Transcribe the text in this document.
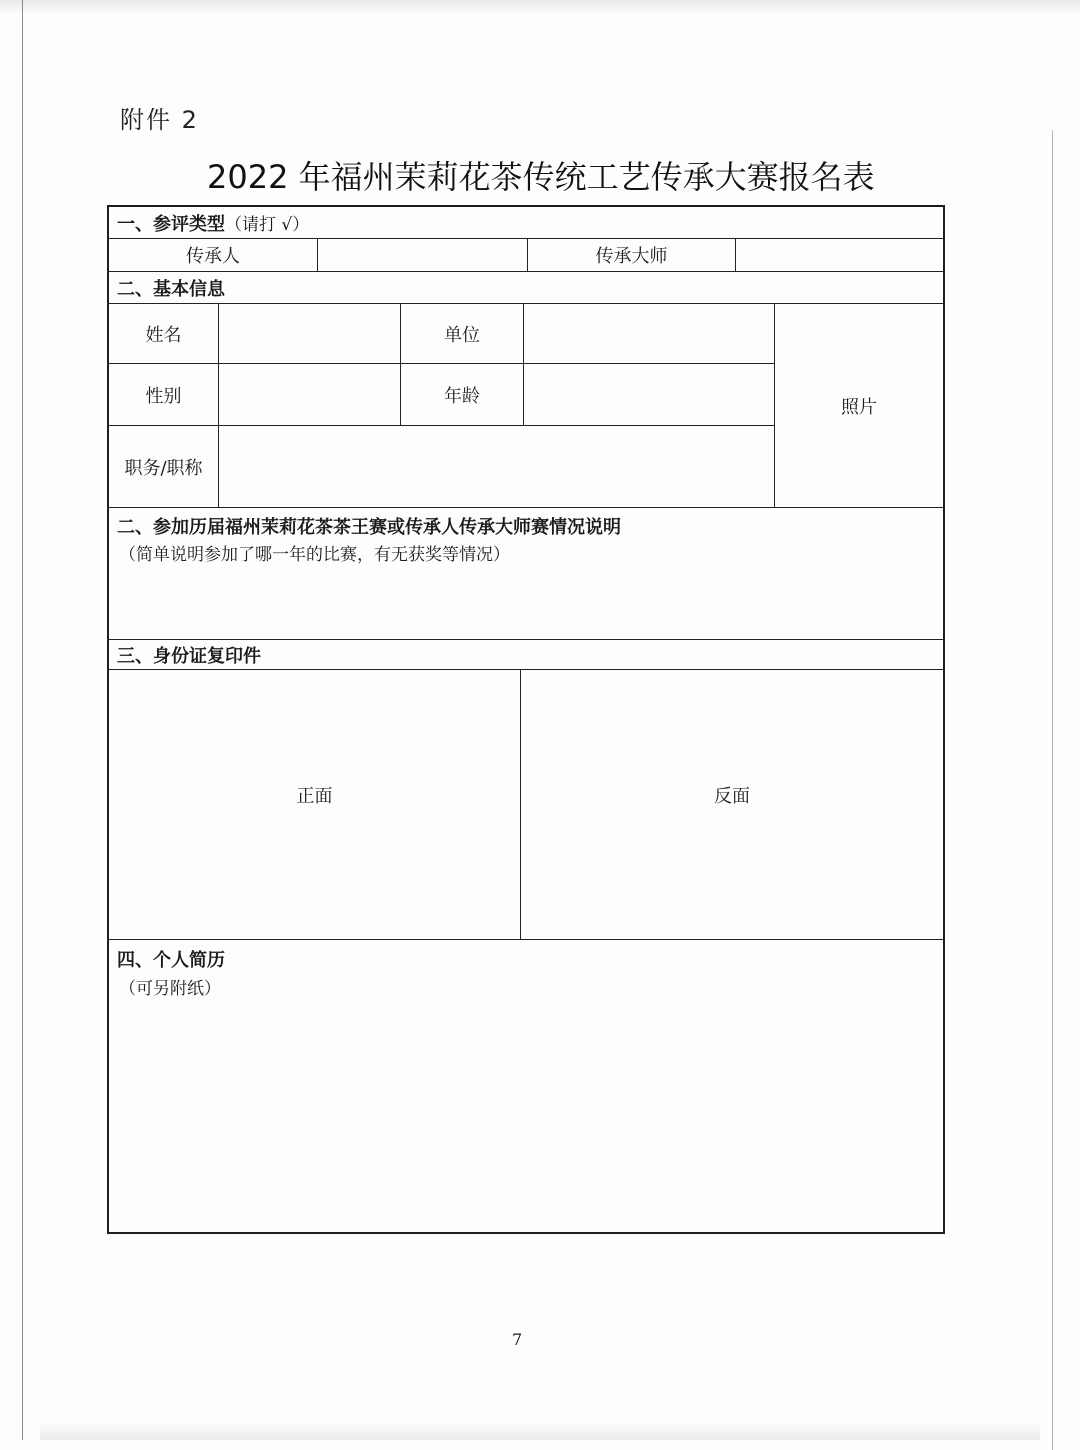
附件 2
2022 年福州茉莉花茶传统工艺传承大赛报名表
一、参评类型 （请打 √）
传承人	传承大师
二、基本信息
姓名	单位
性别	年龄
职务/职称
照片
二、参加历届福州茉莉花茶茶王赛或传承人传承大师赛情况说明
（简单说明参加了哪一年的比赛，有无获奖等情况）
三、身份证复印件
正面	反面
四、个人简历
（可另附纸）
7
